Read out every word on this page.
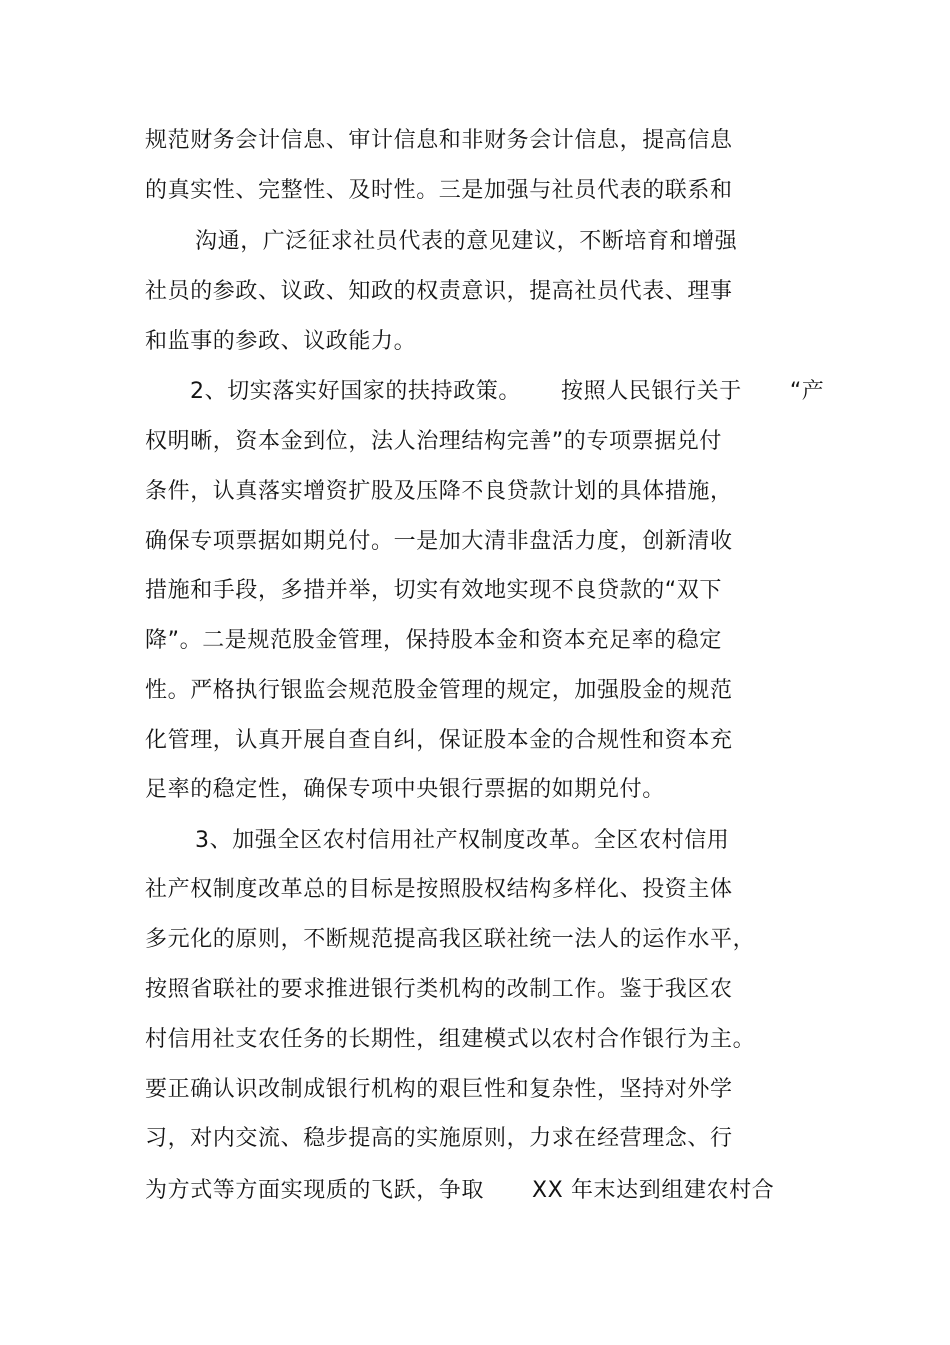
规范财务会计信息、审计信息和非财务会计信息，提高信息
的真实性、完整性、及时性。三是加强与社员代表的联系和
沟通，广泛征求社员代表的意见建议，不断培育和增强
社员的参政、议政、知政的权责意识，提高社员代表、理事
和监事的参政、议政能力。
2、切实落实好国家的扶持政策。 按照人民银行关于 “产
权明晰，资本金到位，法人治理结构完善”的专项票据兑付
条件，认真落实增资扩股及压降不良贷款计划的具体措施，
确保专项票据如期兑付。一是加大清非盘活力度，创新清收
措施和手段，多措并举，切实有效地实现不良贷款的“双下
降”。二是规范股金管理，保持股本金和资本充足率的稳定
性。严格执行银监会规范股金管理的规定，加强股金的规范
化管理，认真开展自查自纠，保证股本金的合规性和资本充
足率的稳定性，确保专项中央银行票据的如期兑付。
3、加强全区农村信用社产权制度改革。全区农村信用
社产权制度改革总的目标是按照股权结构多样化、投资主体
多元化的原则，不断规范提高我区联社统一法人的运作水平，
按照省联社的要求推进银行类机构的改制工作。鉴于我区农
村信用社支农任务的长期性，组建模式以农村合作银行为主。
要正确认识改制成银行机构的艰巨性和复杂性，坚持对外学
习，对内交流、稳步提高的实施原则，力求在经营理念、行
为方式等方面实现质的飞跃，争取 XX 年末达到组建农村合
